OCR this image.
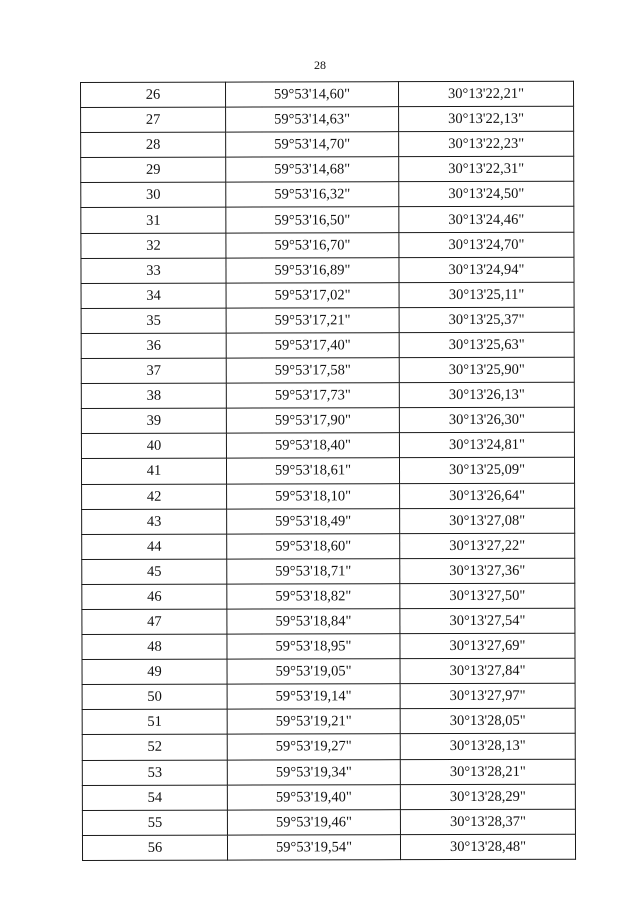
28
26	59°53'14,60"	30°13'22,21"
27	59°53'14,63"	30°13'22,13"
28	59°53'14,70"	30°13'22,23"
29	59°53'14,68"	30°13'22,31"
30	59°53'16,32"	30°13'24,50"
31	59°53'16,50"	30°13'24,46"
32	59°53'16,70"	30°13'24,70"
33	59°53'16,89"	30°13'24,94"
34	59°53'17,02"	30°13'25,11"
35	59°53'17,21"	30°13'25,37"
36	59°53'17,40"	30°13'25,63"
37	59°53'17,58"	30°13'25,90"
38	59°53'17,73"	30°13'26,13"
39	59°53'17,90"	30°13'26,30"
40	59°53'18,40"	30°13'24,81"
41	59°53'18,61"	30°13'25,09"
42	59°53'18,10"	30°13'26,64"
43	59°53'18,49"	30°13'27,08"
44	59°53'18,60"	30°13'27,22"
45	59°53'18,71"	30°13'27,36"
46	59°53'18,82"	30°13'27,50"
47	59°53'18,84"	30°13'27,54"
48	59°53'18,95"	30°13'27,69"
49	59°53'19,05"	30°13'27,84"
50	59°53'19,14"	30°13'27,97"
51	59°53'19,21"	30°13'28,05"
52	59°53'19,27"	30°13'28,13"
53	59°53'19,34"	30°13'28,21"
54	59°53'19,40"	30°13'28,29"
55	59°53'19,46"	30°13'28,37"
56	59°53'19,54"	30°13'28,48"
